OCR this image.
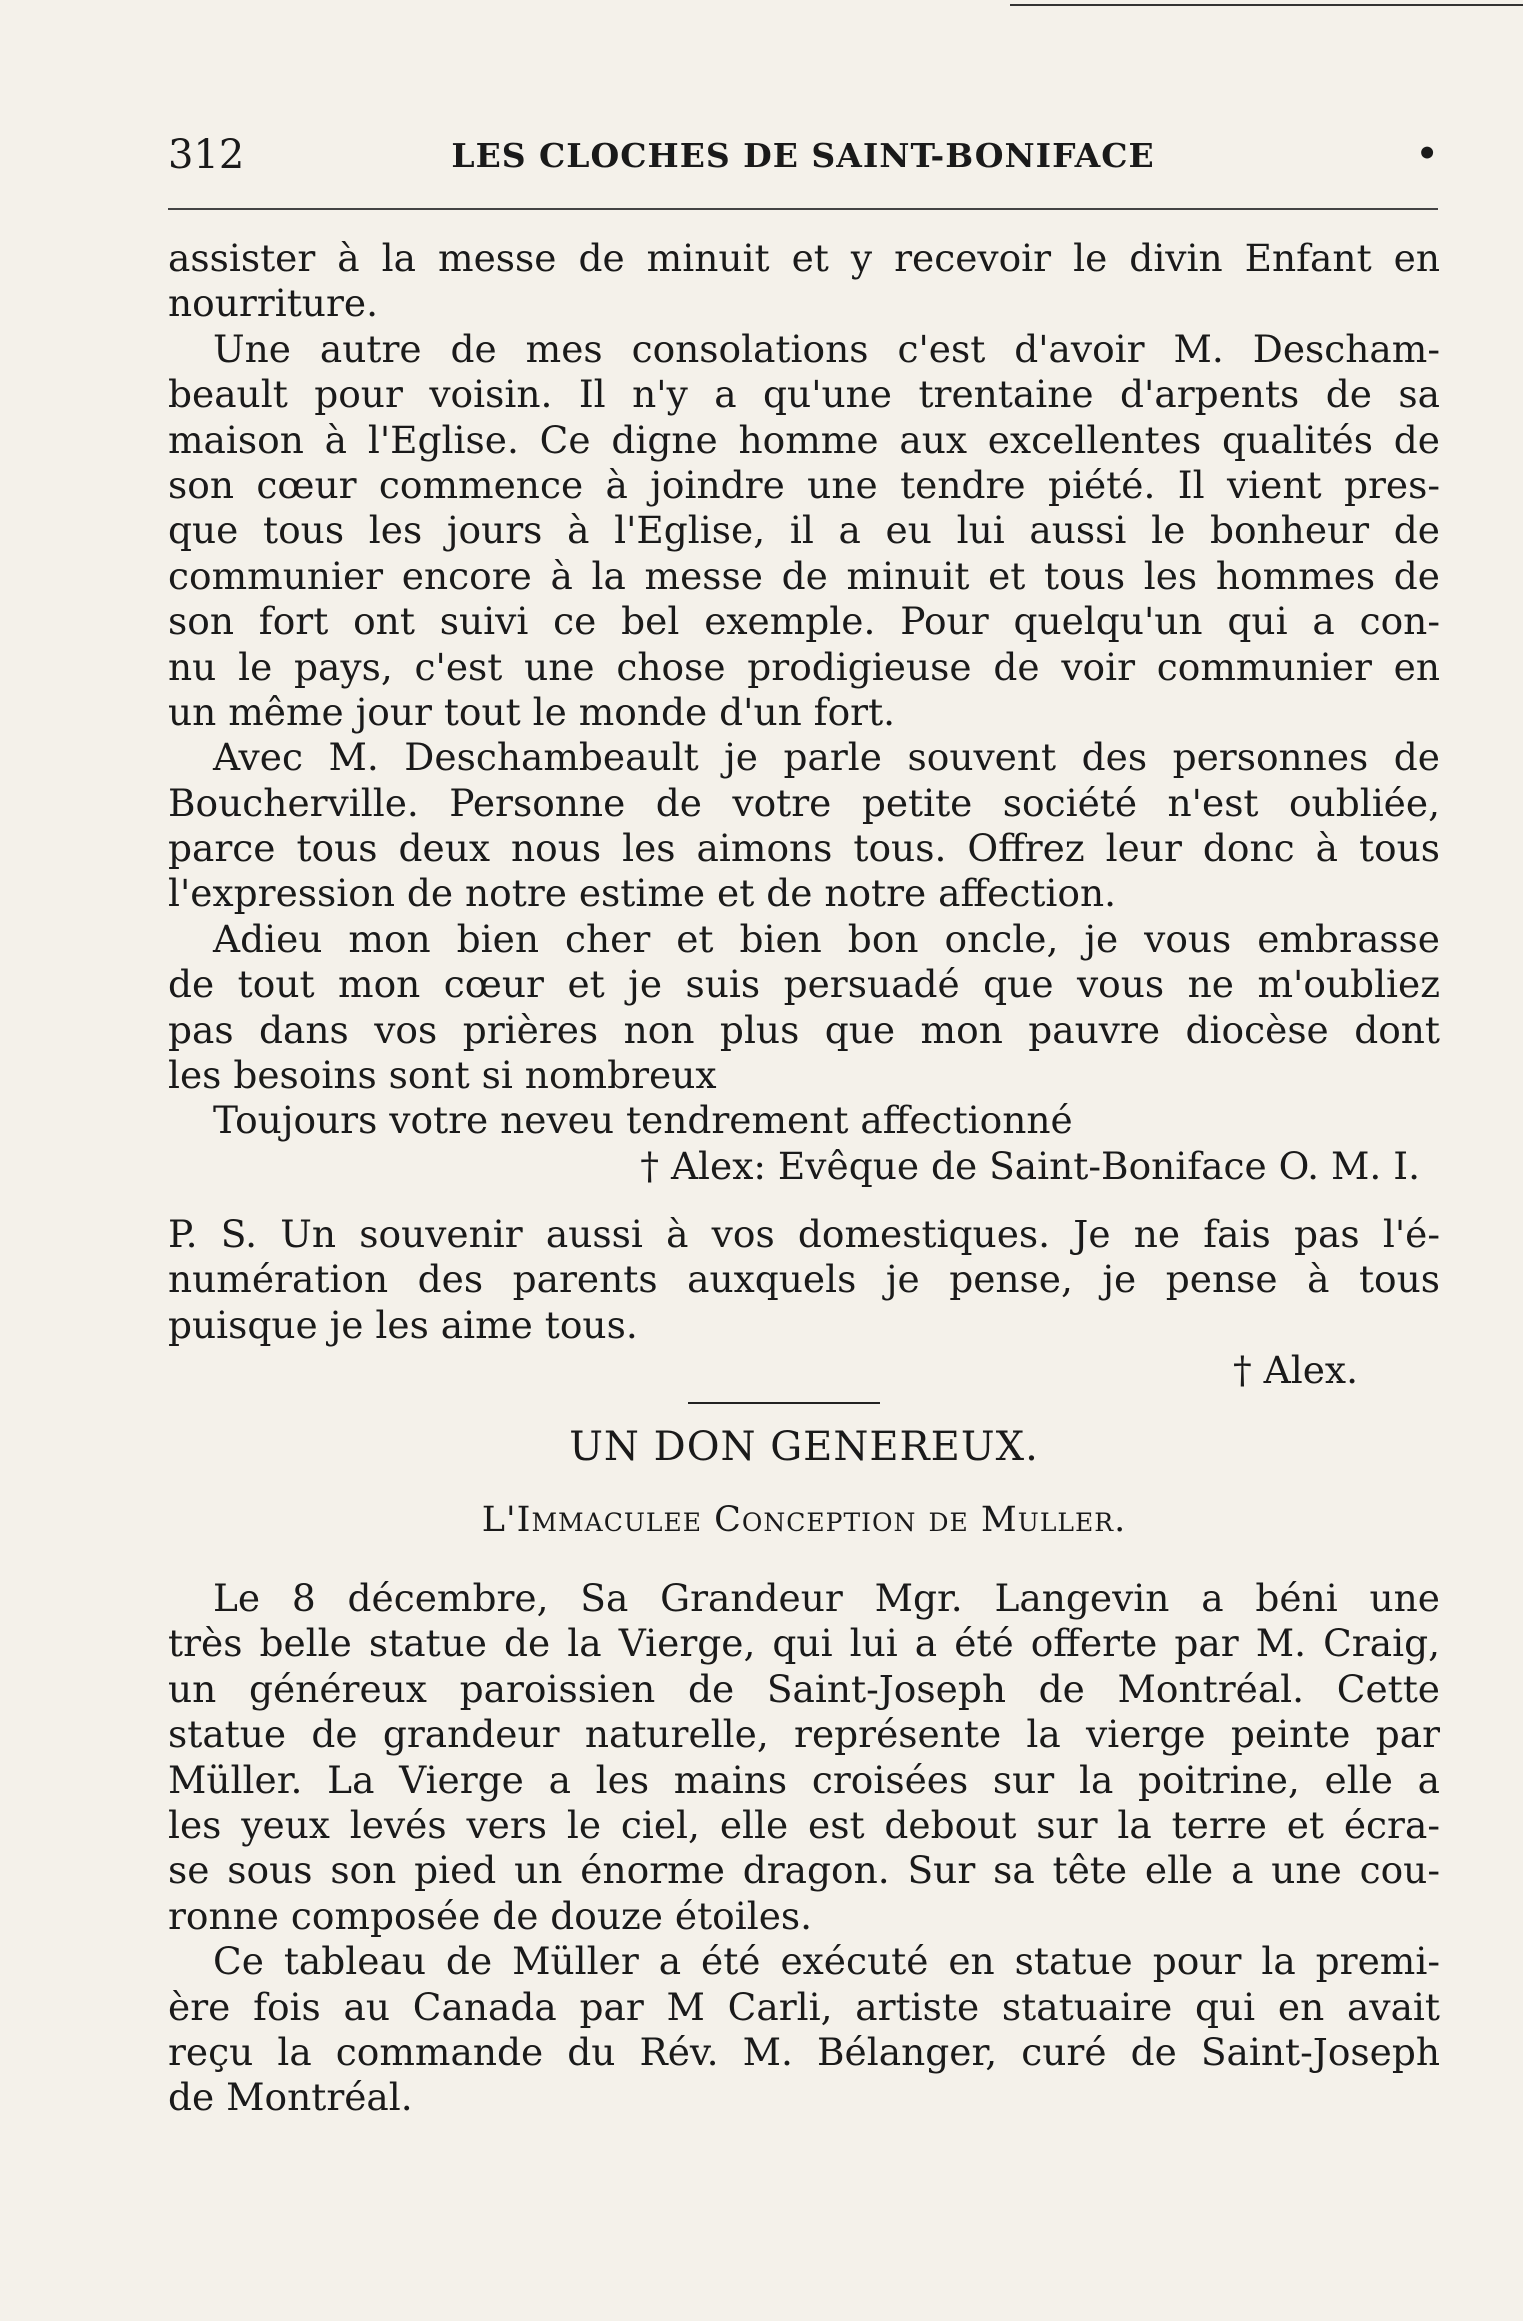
312	LES CLOCHES DE SAINT-BONIFACE	•
assister à la messe de minuit et y recevoir le divin Enfant en
nourriture.
Une autre de mes consolations c'est d'avoir M. Descham-
beault pour voisin. Il n'y a qu'une trentaine d'arpents de sa
maison à l'Eglise. Ce digne homme aux excellentes qualités de
son cœur commence à joindre une tendre piété. Il vient pres-
que tous les jours à l'Eglise, il a eu lui aussi le bonheur de
communier encore à la messe de minuit et tous les hommes de
son fort ont suivi ce bel exemple. Pour quelqu'un qui a con-
nu le pays, c'est une chose prodigieuse de voir communier en
un même jour tout le monde d'un fort.
Avec M. Deschambeault je parle souvent des personnes de
Boucherville. Personne de votre petite société n'est oubliée,
parce tous deux nous les aimons tous. Offrez leur donc à tous
l'expression de notre estime et de notre affection.
Adieu mon bien cher et bien bon oncle, je vous embrasse
de tout mon cœur et je suis persuadé que vous ne m'oubliez
pas dans vos prières non plus que mon pauvre diocèse dont
les besoins sont si nombreux
Toujours votre neveu tendrement affectionné
† Alex: Evêque de Saint-Boniface O. M. I.
P. S. Un souvenir aussi à vos domestiques. Je ne fais pas l'é-
numération des parents auxquels je pense, je pense à tous
puisque je les aime tous.
† Alex.
UN DON GENEREUX.
L'Immaculee Conception de Muller.
Le 8 décembre, Sa Grandeur Mgr. Langevin a béni une
très belle statue de la Vierge, qui lui a été offerte par M. Craig,
un généreux paroissien de Saint-Joseph de Montréal. Cette
statue de grandeur naturelle, représente la vierge peinte par
Müller. La Vierge a les mains croisées sur la poitrine, elle a
les yeux levés vers le ciel, elle est debout sur la terre et écra-
se sous son pied un énorme dragon. Sur sa tête elle a une cou-
ronne composée de douze étoiles.
Ce tableau de Müller a été exécuté en statue pour la premi-
ère fois au Canada par M Carli, artiste statuaire qui en avait
reçu la commande du Rév. M. Bélanger, curé de Saint-Joseph
de Montréal.
